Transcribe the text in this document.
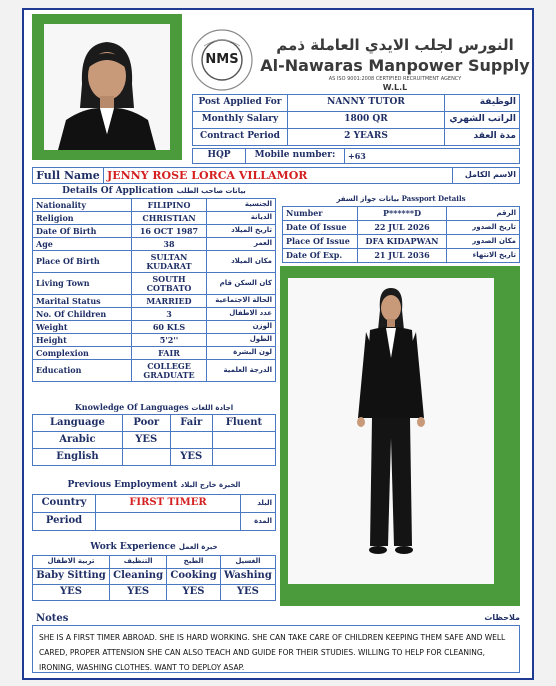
NMS
النورس لجلب الايدي العاملة ذمم
Al-Nawaras Manpower Supply W.L.L
AS ISO 9001:2008 CERTIFIED RECRUITMENT AGENCY
Post Applied For	NANNY TUTOR	الوظيفة
Monthly Salary	1800 QR	الراتب الشهري
Contract Period	2 YEARS	مدة العقد
HQP	Mobile number:	+63
Full Name	JENNY ROSE LORCA VILLAMOR	الاسم الكامل
Details Of Application بيانات صاحب الطلب
Nationality	FILIPINO	الجنسية
Religion	CHRISTIAN	الديانة
Date Of Birth	16 OCT 1987	تاريخ الميلاد
Age	38	العمر
Place Of Birth	SULTAN KUDARAT	مكان الميلاد
Living Town	SOUTH COTBATO	كان السكن قام
Marital Status	MARRIED	الحالة الاجتماعية
No. Of Children	3	عدد الاطفال
Weight	60 KLS	الوزن
Height	5'2''	الطول
Complexion	FAIR	لون البشرة
Education	COLLEGE GRADUATE	الدرجة العلمية
بيانات جواز السفر Passport Details
Number	P******D	الرقم
Date Of Issue	22 JUL 2026	تاريخ الصدور
Place Of Issue	DFA KIDAPWAN	مكان الصدور
Date Of Exp.	21 JUL 2036	تاريخ الانتهاء
Knowledge Of Languages اجادة اللغات
Language	Poor	Fair	Fluent
Arabic	YES		
English		YES	
Previous Employment الخبرة خارج البلاد
Country	FIRST TIMER	البلد
Period		المدة
Work Experience خبرة العمل
تربية الاطفال	التنظيف	الطبخ	الغسيل
Baby Sitting	Cleaning	Cooking	Washing
YES	YES	YES	YES
Notes	ملاحظات
SHE IS A FIRST TIMER ABROAD. SHE IS HARD WORKING. SHE CAN TAKE CARE OF CHILDREN KEEPING THEM SAFE AND WELL CARED, PROPER ATTENSION SHE CAN ALSO TEACH AND GUIDE FOR THEIR STUDIES. WILLING TO HELP FOR CLEANING, IRONING, WASHING CLOTHES. WANT TO DEPLOY ASAP.
